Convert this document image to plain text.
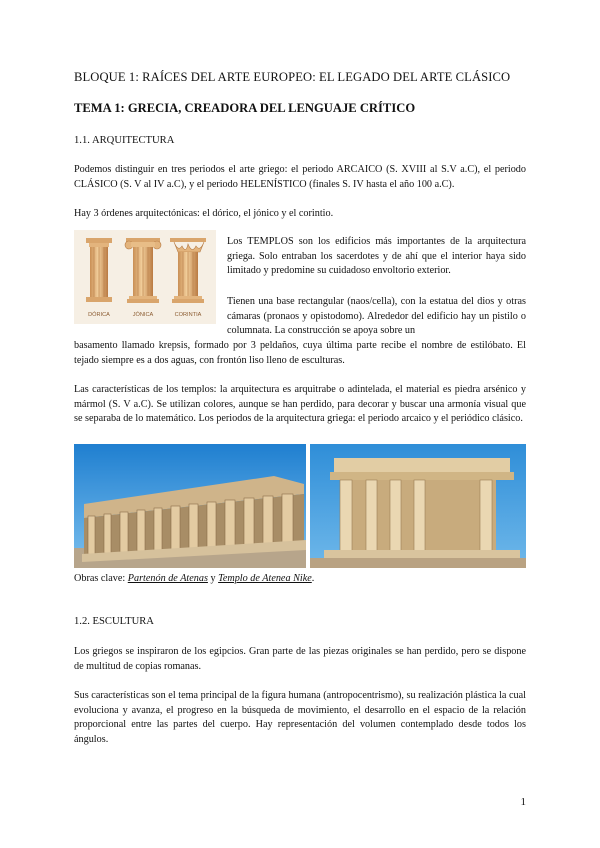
BLOQUE 1: RAÍCES DEL ARTE EUROPEO: EL LEGADO DEL ARTE CLÁSICO
TEMA 1: GRECIA, CREADORA DEL LENGUAJE CRÍTICO
1.1. ARQUITECTURA
Podemos distinguir en tres periodos el arte griego: el periodo ARCAICO (S. XVIII al S.V a.C), el periodo CLÁSICO (S. V al IV a.C), y el periodo HELENÍSTICO (finales S. IV hasta el año 100 a.C).
Hay 3 órdenes arquitectónicas: el dórico, el jónico y el corintio.
DÓRICA	JÓNICA	CORINTIA
Los TEMPLOS son los edificios más importantes de la arquitectura griega. Solo entraban los sacerdotes y de ahí que el interior haya sido limitado y predomine su cuidadoso envoltorio exterior.
Tienen una base rectangular (naos/cella), con la estatua del dios y otras cámaras (pronaos y opistodomo). Alrededor del edificio hay un pistilo o columnata. La construcción se apoya sobre un
basamento llamado krepsis, formado por 3 peldaños, cuya última parte recibe el nombre de estilóbato. El tejado siempre es a dos aguas, con frontón liso lleno de esculturas.
Las características de los templos: la arquitectura es arquitrabe o adintelada, el material es piedra arsénico y mármol (S. V a.C). Se utilizan colores, aunque se han perdido, para decorar y buscar una armonía visual que se separaba de lo matemático. Los periodos de la arquitectura griega: el periodo arcaico y el periódico clásico.
Obras clave: Partenón de Atenas y Templo de Atenea Nike.
1.2. ESCULTURA
Los griegos se inspiraron de los egipcios. Gran parte de las piezas originales se han perdido, pero se dispone de multitud de copias romanas.
Sus características son el tema principal de la figura humana (antropocentrismo), su realización plástica la cual evoluciona y avanza, el progreso en la búsqueda de movimiento, el desarrollo en el espacio de la relación proporcional entre las partes del cuerpo. Hay representación del volumen contemplado desde todos los ángulos.
1
